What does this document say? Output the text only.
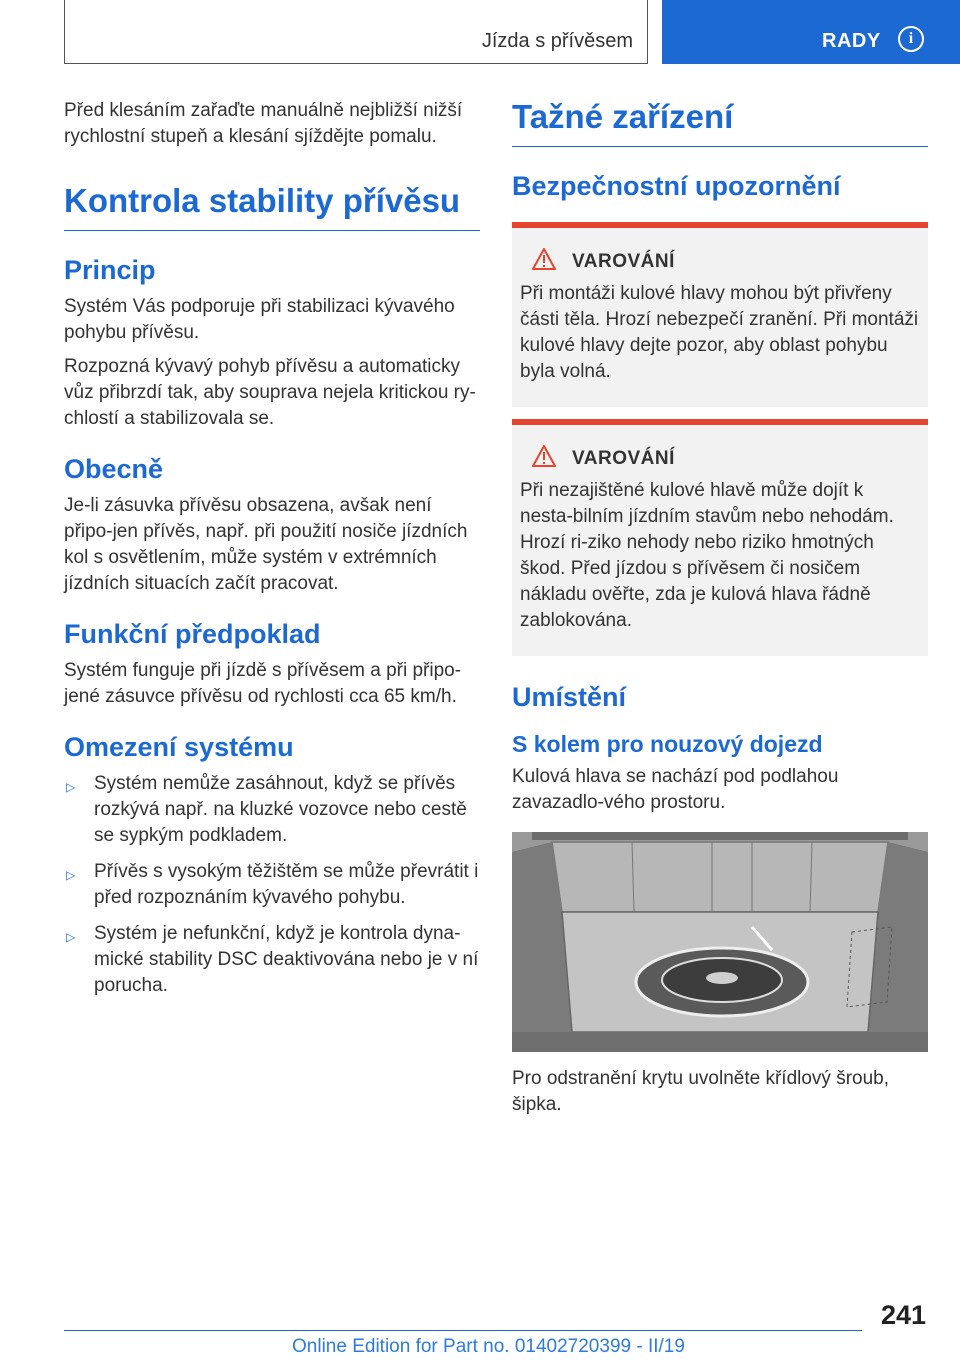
Jízda s přívěsem	RADY	i

Před klesáním zařaďte manuálně nejbližší nižší rychlostní stupeň a klesání sjíždějte pomalu.

Kontrola stability přívěsu
Princip

Systém Vás podporuje při stabilizaci kývavého pohybu přívěsu.

Rozpozná kývavý pohyb přívěsu a automaticky vůz přibrzdí tak, aby souprava nejela kritickou ry-chlostí a stabilizovala se.

Obecně

Je-li zásuvka přívěsu obsazena, avšak není připo-jen přívěs, např. při použití nosiče jízdních kol s osvětlením, může systém v extrémních jízdních situacích začít pracovat.

Funkční předpoklad

Systém funguje při jízdě s přívěsem a při připo-jené zásuvce přívěsu od rychlosti cca 65 km/h.

Omezení systému
▷ Systém nemůže zasáhnout, když se přívěs rozkývá např. na kluzké vozovce nebo cestě se sypkým podkladem.
▷ Přívěs s vysokým těžištěm se může převrátit i před rozpoznáním kývavého pohybu.
▷ Systém je nefunkční, když je kontrola dyna-mické stability DSC deaktivována nebo je v ní porucha.
Tažné zařízení
Bezpečnostní upozornění
VAROVÁNÍ

Při montáži kulové hlavy mohou být přivřeny části těla. Hrozí nebezpečí zranění. Při montáži kulové hlavy dejte pozor, aby oblast pohybu byla volná.

VAROVÁNÍ

Při nezajištěné kulové hlavě může dojít k nesta-bilním jízdním stavům nebo nehodám. Hrozí ri-ziko nehody nebo riziko hmotných škod. Před jízdou s přívěsem či nosičem nákladu ověřte, zda je kulová hlava řádně zablokována.

Umístění
S kolem pro nouzový dojezd

Kulová hlava se nachází pod podlahou zavazadlo-vého prostoru.

Pro odstranění krytu uvolněte křídlový šroub, šipka.

241
Online Edition for Part no. 01402720399 - II/19
